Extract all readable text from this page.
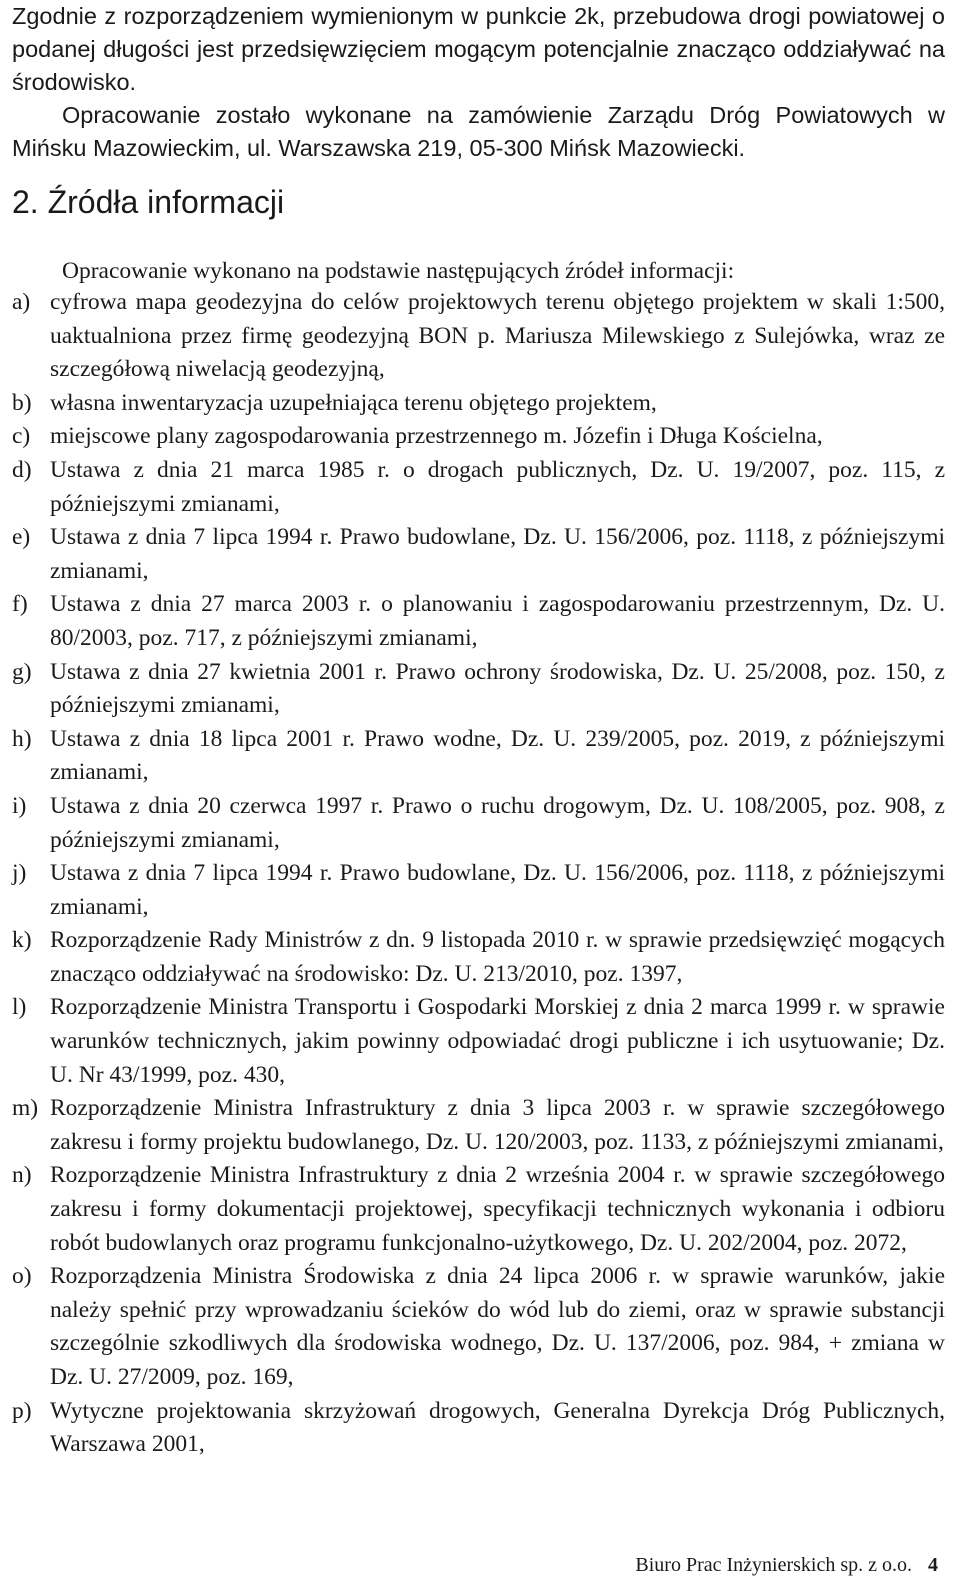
Zgodnie z rozporządzeniem wymienionym w punkcie 2k, przebudowa drogi powiatowej o podanej długości jest przedsięwzięciem mogącym potencjalnie znacząco oddziaływać na środowisko.

Opracowanie zostało wykonane na zamówienie Zarządu Dróg Powiatowych w Mińsku Mazowieckim, ul. Warszawska 219, 05-300 Mińsk Mazowiecki.

2. Źródła informacji

Opracowanie wykonano na podstawie następujących źródeł informacji:

a) cyfrowa mapa geodezyjna do celów projektowych terenu objętego projektem w skali 1:500, uaktualniona przez firmę geodezyjną BON p. Mariusza Milewskiego z Sulejówka, wraz ze szczegółową niwelacją geodezyjną,
b) własna inwentaryzacja uzupełniająca terenu objętego projektem,
c) miejscowe plany zagospodarowania przestrzennego m. Józefin i Długa Kościelna,
d) Ustawa z dnia 21 marca 1985 r. o drogach publicznych, Dz. U. 19/2007, poz. 115, z późniejszymi zmianami,
e) Ustawa z dnia 7 lipca 1994 r. Prawo budowlane, Dz. U. 156/2006, poz. 1118, z późniejszymi zmianami,
f) Ustawa z dnia 27 marca 2003 r. o planowaniu i zagospodarowaniu przestrzennym, Dz. U. 80/2003, poz. 717, z późniejszymi zmianami,
g) Ustawa z dnia 27 kwietnia 2001 r. Prawo ochrony środowiska, Dz. U. 25/2008, poz. 150, z późniejszymi zmianami,
h) Ustawa z dnia 18 lipca 2001 r. Prawo wodne, Dz. U. 239/2005, poz. 2019, z późniejszymi zmianami,
i) Ustawa z dnia 20 czerwca 1997 r. Prawo o ruchu drogowym, Dz. U. 108/2005, poz. 908, z późniejszymi zmianami,
j) Ustawa z dnia 7 lipca 1994 r. Prawo budowlane, Dz. U. 156/2006, poz. 1118, z późniejszymi zmianami,
k) Rozporządzenie Rady Ministrów z dn. 9 listopada 2010 r. w sprawie przedsięwzięć mogących znacząco oddziaływać na środowisko: Dz. U. 213/2010, poz. 1397,
l) Rozporządzenie Ministra Transportu i Gospodarki Morskiej z dnia 2 marca 1999 r. w sprawie warunków technicznych, jakim powinny odpowiadać drogi publiczne i ich usytuowanie; Dz. U. Nr 43/1999, poz. 430,
m) Rozporządzenie Ministra Infrastruktury z dnia 3 lipca 2003 r. w sprawie szczegółowego zakresu i formy projektu budowlanego, Dz. U. 120/2003, poz. 1133, z późniejszymi zmianami,
n) Rozporządzenie Ministra Infrastruktury z dnia 2 września 2004 r. w sprawie szczegółowego zakresu i formy dokumentacji projektowej, specyfikacji technicznych wykonania i odbioru robót budowlanych oraz programu funkcjonalno-użytkowego, Dz. U. 202/2004, poz. 2072,
o) Rozporządzenia Ministra Środowiska z dnia 24 lipca 2006 r. w sprawie warunków, jakie należy spełnić przy wprowadzaniu ścieków do wód lub do ziemi, oraz w sprawie substancji szczególnie szkodliwych dla środowiska wodnego, Dz. U. 137/2006, poz. 984, + zmiana w Dz. U. 27/2009, poz. 169,
p) Wytyczne projektowania skrzyżowań drogowych, Generalna Dyrekcja Dróg Publicznych, Warszawa 2001,
Biuro Prac Inżynierskich sp. z o.o. 4
